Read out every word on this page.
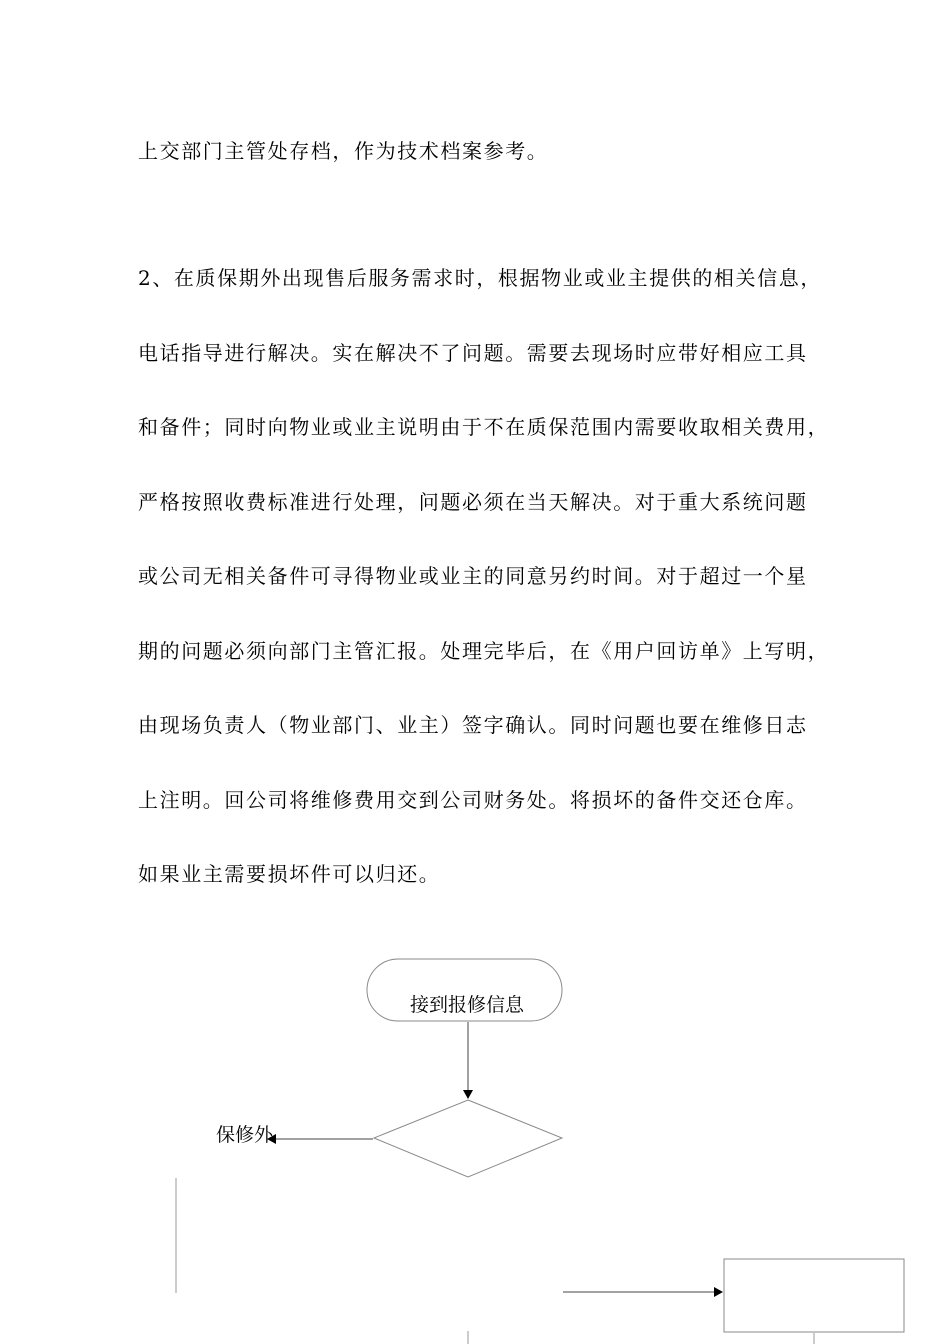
上交部门主管处存档，作为技术档案参考。
2、在质保期外出现售后服务需求时，根据物业或业主提供的相关信息，
电话指导进行解决。实在解决不了问题。需要去现场时应带好相应工具
和备件；同时向物业或业主说明由于不在质保范围内需要收取相关费用，
严格按照收费标准进行处理，问题必须在当天解决。对于重大系统问题
或公司无相关备件可寻得物业或业主的同意另约时间。对于超过一个星
期的问题必须向部门主管汇报。处理完毕后，在《用户回访单》上写明，
由现场负责人（物业部门、业主）签字确认。同时问题也要在维修日志
上注明。回公司将维修费用交到公司财务处。将损坏的备件交还仓库。
如果业主需要损坏件可以归还。
接到报修信息
保修外
